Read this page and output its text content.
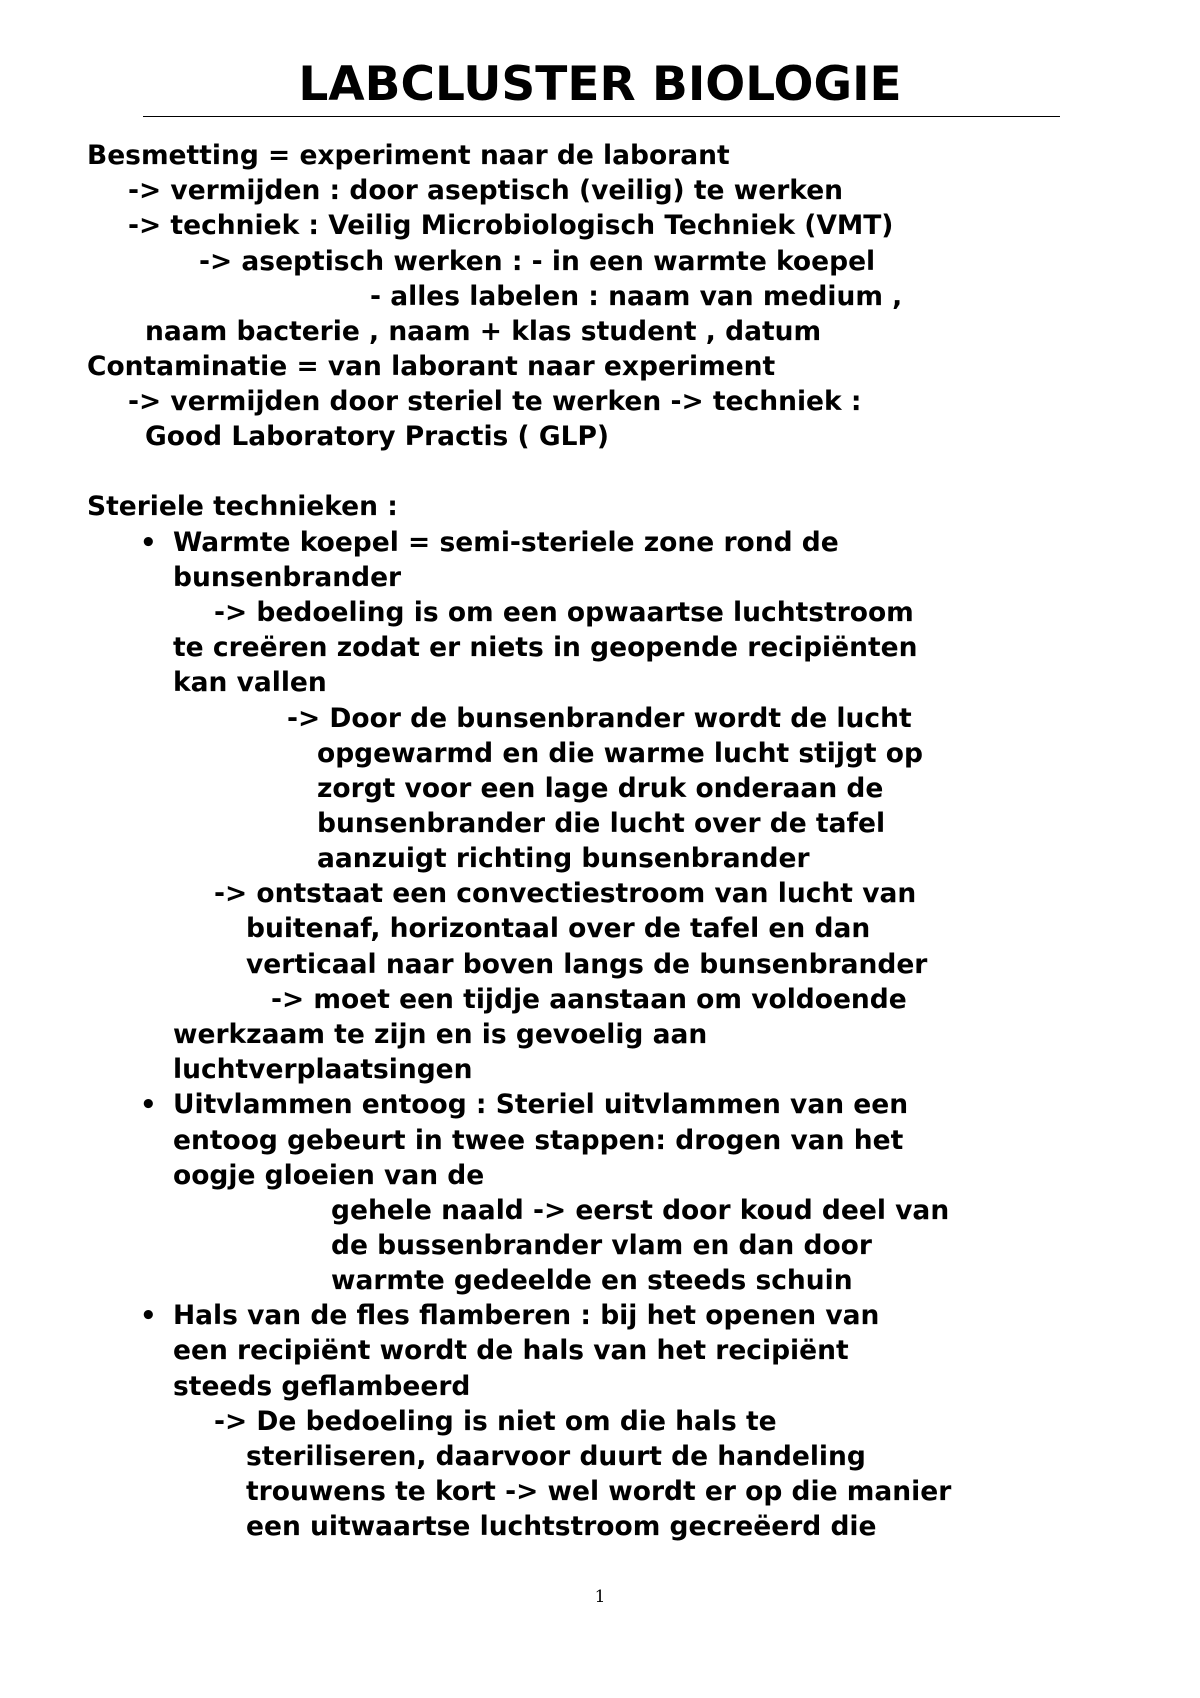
LABCLUSTER BIOLOGIE
Besmetting = experiment naar de laborant
-> vermijden : door aseptisch (veilig) te werken
-> techniek : Veilig Microbiologisch Techniek (VMT)
-> aseptisch werken : - in een warmte koepel
- alles labelen : naam van medium ,
naam bacterie , naam + klas student , datum
Contaminatie = van laborant naar experiment
-> vermijden door steriel te werken -> techniek :
Good Laboratory Practis ( GLP)
Steriele technieken :
• Warmte koepel = semi-steriele zone rond de
bunsenbrander
-> bedoeling is om een opwaartse luchtstroom
te creëren zodat er niets in geopende recipiënten
kan vallen
-> Door de bunsenbrander wordt de lucht
opgewarmd en die warme lucht stijgt op
zorgt voor een lage druk onderaan de
bunsenbrander die lucht over de tafel
aanzuigt richting bunsenbrander
-> ontstaat een convectiestroom van lucht van
buitenaf, horizontaal over de tafel en dan
verticaal naar boven langs de bunsenbrander
-> moet een tijdje aanstaan om voldoende
werkzaam te zijn en is gevoelig aan
luchtverplaatsingen
• Uitvlammen entoog : Steriel uitvlammen van een
entoog gebeurt in twee stappen: drogen van het
oogje gloeien van de
gehele naald -> eerst door koud deel van
de bussenbrander vlam en dan door
warmte gedeelde en steeds schuin
• Hals van de fles flamberen : bij het openen van
een recipiënt wordt de hals van het recipiënt
steeds geflambeerd
-> De bedoeling is niet om die hals te
steriliseren, daarvoor duurt de handeling
trouwens te kort -> wel wordt er op die manier
een uitwaartse luchtstroom gecreëerd die
1
